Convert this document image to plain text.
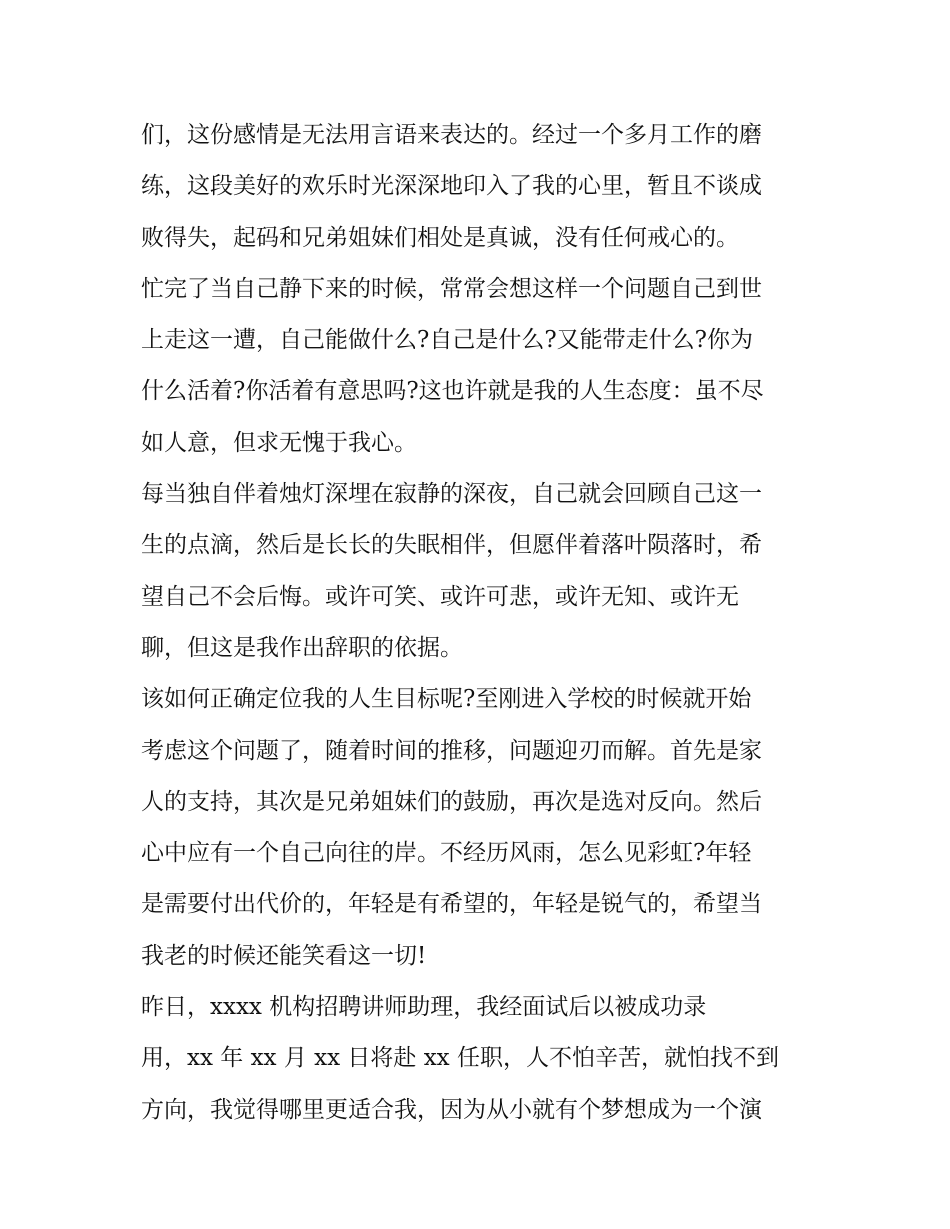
们，这份感情是无法用言语来表达的。经过一个多月工作的磨
练，这段美好的欢乐时光深深地印入了我的心里，暂且不谈成
败得失，起码和兄弟姐妹们相处是真诚，没有任何戒心的。
忙完了当自己静下来的时候，常常会想这样一个问题自己到世
上走这一遭，自己能做什么?自己是什么?又能带走什么?你为
什么活着?你活着有意思吗?这也许就是我的人生态度：虽不尽
如人意，但求无愧于我心。
每当独自伴着烛灯深埋在寂静的深夜，自己就会回顾自己这一
生的点滴，然后是长长的失眠相伴，但愿伴着落叶陨落时，希
望自己不会后悔。或许可笑、或许可悲，或许无知、或许无
聊，但这是我作出辞职的依据。
该如何正确定位我的人生目标呢?至刚进入学校的时候就开始
考虑这个问题了，随着时间的推移，问题迎刃而解。首先是家
人的支持，其次是兄弟姐妹们的鼓励，再次是选对反向。然后
心中应有一个自己向往的岸。不经历风雨，怎么见彩虹?年轻
是需要付出代价的，年轻是有希望的，年轻是锐气的，希望当
我老的时候还能笑看这一切!
昨日，xxxx 机构招聘讲师助理，我经面试后以被成功录
用，xx 年 xx 月 xx 日将赴 xx 任职，人不怕辛苦，就怕找不到
方向，我觉得哪里更适合我，因为从小就有个梦想成为一个演
